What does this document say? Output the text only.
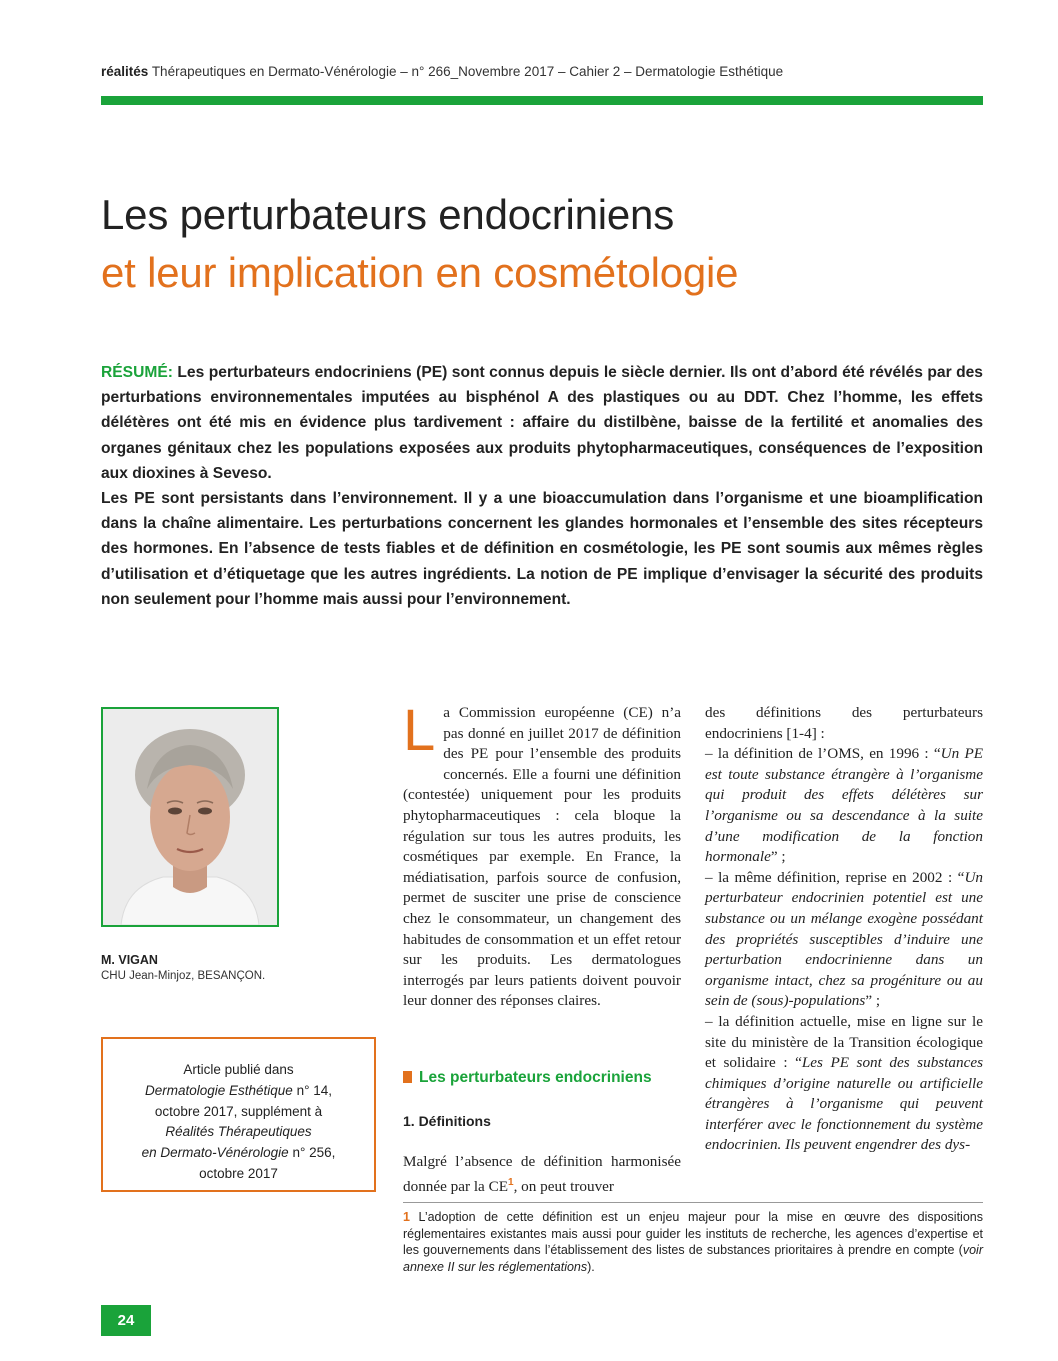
réalités Thérapeutiques en Dermato-Vénérologie – n° 266_Novembre 2017 – Cahier 2 – Dermatologie Esthétique
Les perturbateurs endocriniens
et leur implication en cosmétologie

RÉSUMÉ: Les perturbateurs endocriniens (PE) sont connus depuis le siècle dernier. Ils ont d’abord été révélés par des perturbations environnementales imputées au bisphénol A des plastiques ou au DDT. Chez l’homme, les effets délétères ont été mis en évidence plus tardivement : affaire du distilbène, baisse de la fertilité et anomalies des organes génitaux chez les populations exposées aux produits phytopharmaceutiques, conséquences de l’exposition aux dioxines à Seveso.

Les PE sont persistants dans l’environnement. Il y a une bioaccumulation dans l’organisme et une bioamplification dans la chaîne alimentaire. Les perturbations concernent les glandes hormonales et l’ensemble des sites récepteurs des hormones. En l’absence de tests fiables et de définition en cosmétologie, les PE sont soumis aux mêmes règles d’utilisation et d’étiquetage que les autres ingrédients. La notion de PE implique d’envisager la sécurité des produits non seulement pour l’homme mais aussi pour l’environnement.

M. VIGAN
CHU Jean-Minjoz, BESANÇON.
Article publié dans
Dermatologie Esthétique n° 14,
octobre 2017, supplément à
Réalités Thérapeutiques
en Dermato-Vénérologie n° 256,
octobre 2017
L a Commission européenne (CE) n’a pas donné en juillet 2017 de définition des PE pour l’ensemble des produits concernés. Elle a fourni une définition (contestée) uniquement pour les produits phytopharmaceutiques : cela bloque la régulation sur tous les autres produits, les cosmétiques par exemple. En France, la médiatisation, parfois source de confusion, permet de susciter une prise de conscience chez le consommateur, un changement des habitudes de consommation et un effet retour sur les produits. Les dermatologues interrogés par leurs patients doivent pouvoir leur donner des réponses claires.

Les perturbateurs endocriniens
1. Définitions

Malgré l’absence de définition harmonisée donnée par la $CE^1$, on peut trouver

des définitions des perturbateurs endocriniens [1-4] :

– la définition de l’OMS, en 1996 : “Un PE est toute substance étrangère à l’organisme qui produit des effets délétères sur l’organisme ou sa descendance à la suite d’une modification de la fonction hormonale” ;

– la même définition, reprise en 2002 : “Un perturbateur endocrinien potentiel est une substance ou un mélange exogène possédant des propriétés susceptibles d’induire une perturbation endocrinienne dans un organisme intact, chez sa progéniture ou au sein de (sous)-populations” ;

– la définition actuelle, mise en ligne sur le site du ministère de la Transition écologique et solidaire : “Les PE sont des substances chimiques d’origine naturelle ou artificielle étrangères à l’organisme qui peuvent interférer avec le fonctionnement du système endocrinien. Ils peuvent engendrer des dys-

1 L’adoption de cette définition est un enjeu majeur pour la mise en œuvre des dispositions réglementaires existantes mais aussi pour guider les instituts de recherche, les agences d’expertise et les gouvernements dans l’établissement des listes de substances prioritaires à prendre en compte (voir annexe II sur les réglementations).
24
